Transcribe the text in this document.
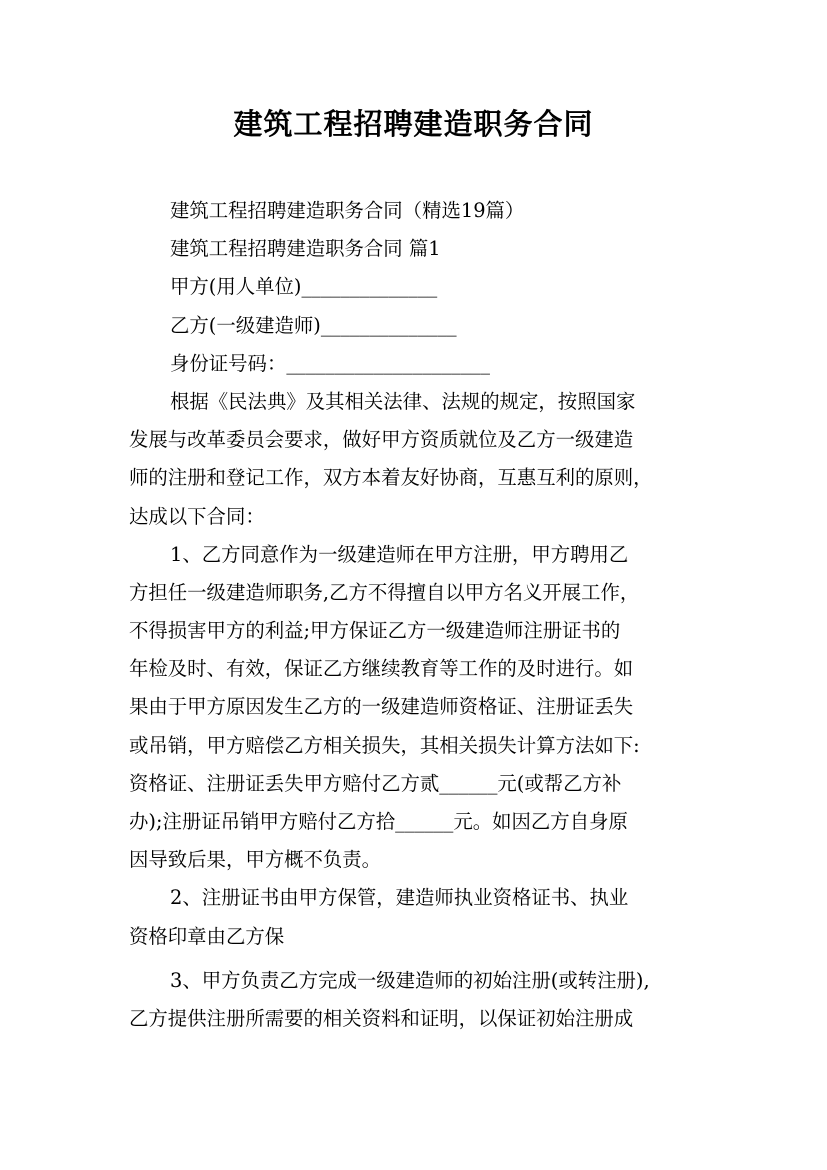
建筑工程招聘建造职务合同
建筑工程招聘建造职务合同（精选19篇）
建筑工程招聘建造职务合同 篇1
甲方(用人单位)______________
乙方(一级建造师)______________
身份证号码：_____________________
根据《民法典》及其相关法律、法规的规定，按照国家
发展与改革委员会要求，做好甲方资质就位及乙方一级建造
师的注册和登记工作，双方本着友好协商，互惠互利的原则，
达成以下合同：
1、乙方同意作为一级建造师在甲方注册，甲方聘用乙
方担任一级建造师职务,乙方不得擅自以甲方名义开展工作，
不得损害甲方的利益;甲方保证乙方一级建造师注册证书的
年检及时、有效，保证乙方继续教育等工作的及时进行。如
果由于甲方原因发生乙方的一级建造师资格证、注册证丢失
或吊销，甲方赔偿乙方相关损失，其相关损失计算方法如下:
资格证、注册证丢失甲方赔付乙方贰______元(或帮乙方补
办);注册证吊销甲方赔付乙方拾______元。如因乙方自身原
因导致后果，甲方概不负责。
2、注册证书由甲方保管，建造师执业资格证书、执业
资格印章由乙方保
3、甲方负责乙方完成一级建造师的初始注册(或转注册),
乙方提供注册所需要的相关资料和证明，以保证初始注册成
